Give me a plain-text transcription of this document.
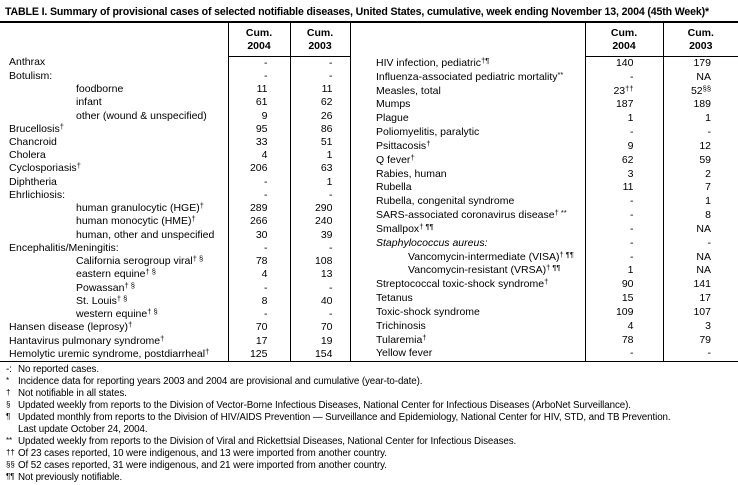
TABLE I. Summary of provisional cases of selected notifiable diseases, United States, cumulative, week ending November 13, 2004 (45th Week)*
	Cum.
2004	Cum.
2003
Anthrax	-	-
Botulism:	-	-
foodborne	11	11
infant	61	62
other (wound & unspecified)	9	26
Brucellosis†	95	86
Chancroid	33	51
Cholera	4	1
Cyclosporiasis†	206	63
Diphtheria	-	1
Ehrlichiosis:	-	-
human granulocytic (HGE)†	289	290
human monocytic (HME)†	266	240
human, other and unspecified	30	39
Encephalitis/Meningitis:	-	-
California serogroup viral† §	78	108
eastern equine† §	4	13
Powassan† §	-	-
St. Louis† §	8	40
western equine† §	-	-
Hansen disease (leprosy)†	70	70
Hantavirus pulmonary syndrome†	17	19
Hemolytic uremic syndrome, postdiarrheal†	125	154
	Cum.
2004	Cum.
2003
HIV infection, pediatric†¶	140	179
Influenza-associated pediatric mortality**	-	NA
Measles, total	23††	52§§
Mumps	187	189
Plague	1	1
Poliomyelitis, paralytic	-	-
Psittacosis†	9	12
Q fever†	62	59
Rabies, human	3	2
Rubella	11	7
Rubella, congenital syndrome	-	1
SARS-associated coronavirus disease† **	-	8
Smallpox† ¶¶	-	NA
Staphylococcus aureus:	-	-
Vancomycin-intermediate (VISA)† ¶¶	-	NA
Vancomycin-resistant (VRSA)† ¶¶	1	NA
Streptococcal toxic-shock syndrome†	90	141
Tetanus	15	17
Toxic-shock syndrome	109	107
Trichinosis	4	3
Tularemia†	78	79
Yellow fever	-	-

-: No reported cases.
* Incidence data for reporting years 2003 and 2004 are provisional and cumulative (year-to-date).
† Not notifiable in all states.
§ Updated weekly from reports to the Division of Vector-Borne Infectious Diseases, National Center for Infectious Diseases (ArboNet Surveillance).
¶ Updated monthly from reports to the Division of HIV/AIDS Prevention — Surveillance and Epidemiology, National Center for HIV, STD, and TB Prevention.
Last update October 24, 2004.
** Updated weekly from reports to the Division of Viral and Rickettsial Diseases, National Center for Infectious Diseases.
†† Of 23 cases reported, 10 were indigenous, and 13 were imported from another country.
§§ Of 52 cases reported, 31 were indigenous, and 21 were imported from another country.
¶¶ Not previously notifiable.
